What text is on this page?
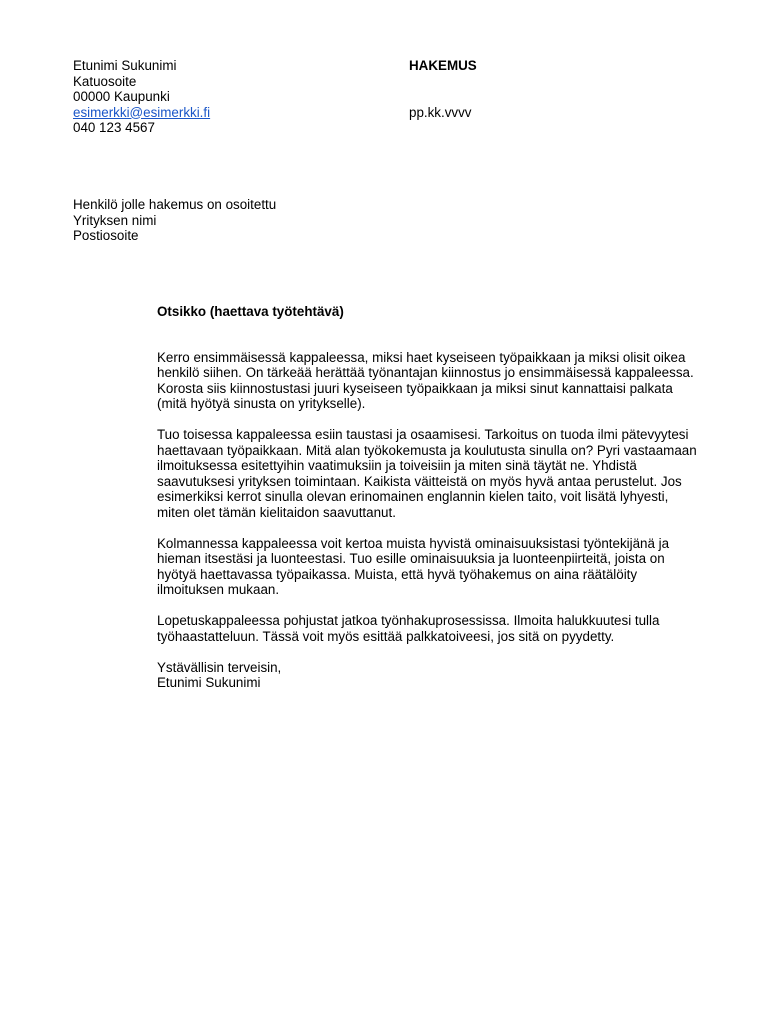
Etunimi Sukunimi
Katuosoite
00000 Kaupunki
esimerkki@esimerkki.fi
040 123 4567
HAKEMUS
pp.kk.vvvv
Henkilö jolle hakemus on osoitettu
Yrityksen nimi
Postiosoite
Otsikko (haettava työtehtävä)
Kerro ensimmäisessä kappaleessa, miksi haet kyseiseen työpaikkaan ja miksi olisit oikea
henkilö siihen. On tärkeää herättää työnantajan kiinnostus jo ensimmäisessä kappaleessa.
Korosta siis kiinnostustasi juuri kyseiseen työpaikkaan ja miksi sinut kannattaisi palkata
(mitä hyötyä sinusta on yritykselle).
Tuo toisessa kappaleessa esiin taustasi ja osaamisesi. Tarkoitus on tuoda ilmi pätevyytesi
haettavaan työpaikkaan. Mitä alan työkokemusta ja koulutusta sinulla on? Pyri vastaamaan
ilmoituksessa esitettyihin vaatimuksiin ja toiveisiin ja miten sinä täytät ne. Yhdistä
saavutuksesi yrityksen toimintaan. Kaikista väitteistä on myös hyvä antaa perustelut. Jos
esimerkiksi kerrot sinulla olevan erinomainen englannin kielen taito, voit lisätä lyhyesti,
miten olet tämän kielitaidon saavuttanut.
Kolmannessa kappaleessa voit kertoa muista hyvistä ominaisuuksistasi työntekijänä ja
hieman itsestäsi ja luonteestasi. Tuo esille ominaisuuksia ja luonteenpiirteitä, joista on
hyötyä haettavassa työpaikassa. Muista, että hyvä työhakemus on aina räätälöity
ilmoituksen mukaan.
Lopetuskappaleessa pohjustat jatkoa työnhakuprosessissa. Ilmoita halukkuutesi tulla
työhaastatteluun. Tässä voit myös esittää palkkatoiveesi, jos sitä on pyydetty.
Ystävällisin terveisin,
Etunimi Sukunimi
